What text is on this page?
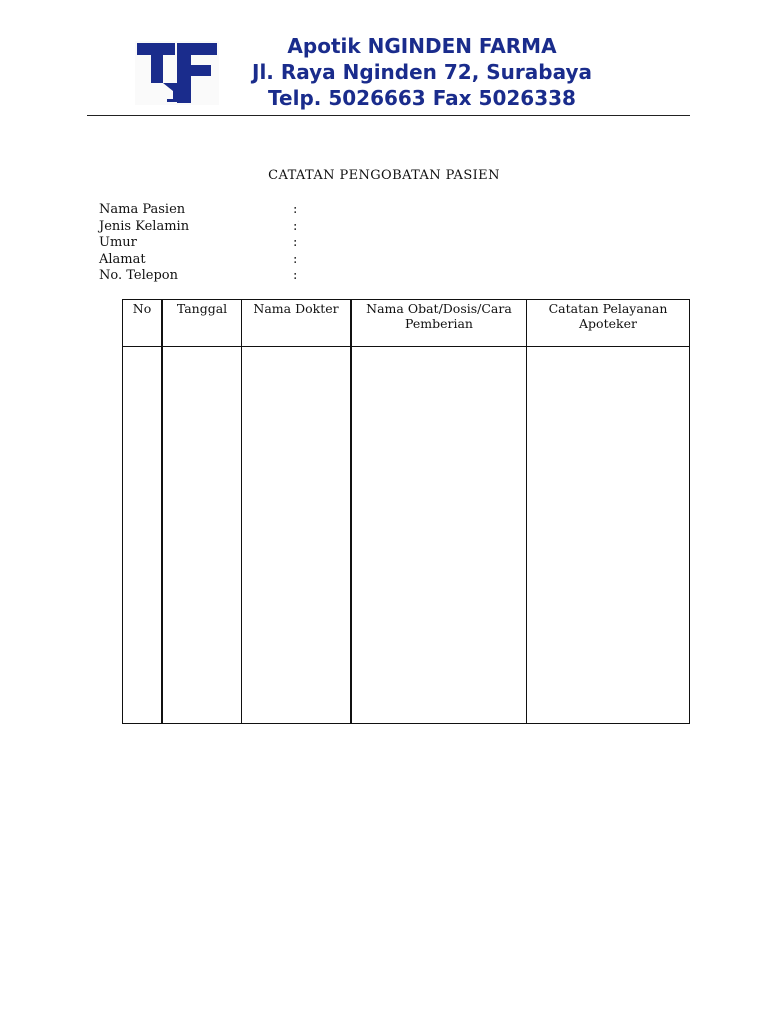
Apotik NGINDEN FARMA
Jl. Raya Nginden 72, Surabaya
Telp. 5026663 Fax 5026338
CATATAN PENGOBATAN PASIEN
Nama Pasien	:
Jenis Kelamin	:
Umur	:
Alamat	:
No. Telepon	:
No	Tanggal	Nama Dokter	Nama Obat/Dosis/Cara Pemberian	Catatan Pelayanan Apoteker
